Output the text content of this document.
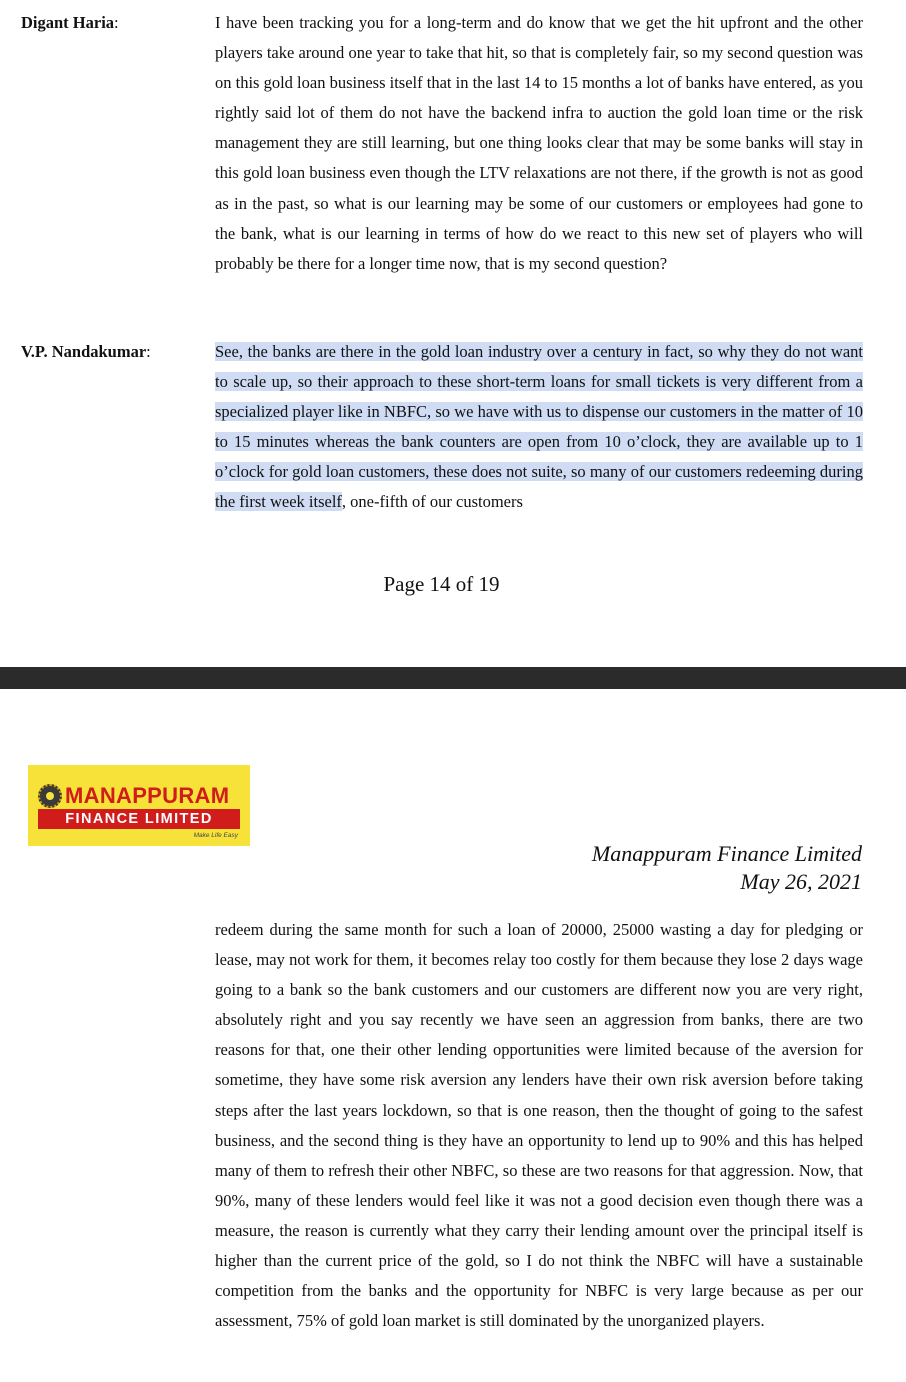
Digant Haria:	I have been tracking you for a long-term and do know that we get the hit upfront and the other players take around one year to take that hit, so that is completely fair, so my second question was on this gold loan business itself that in the last 14 to 15 months a lot of banks have entered, as you rightly said lot of them do not have the backend infra to auction the gold loan time or the risk management they are still learning, but one thing looks clear that may be some banks will stay in this gold loan business even though the LTV relaxations are not there, if the growth is not as good as in the past, so what is our learning may be some of our customers or employees had gone to the bank, what is our learning in terms of how do we react to this new set of players who will probably be there for a longer time now, that is my second question?

V.P. Nandakumar:	See, the banks are there in the gold loan industry over a century in fact, so why they do not want to scale up, so their approach to these short-term loans for small tickets is very different from a specialized player like in NBFC, so we have with us to dispense our customers in the matter of 10 to 15 minutes whereas the bank counters are open from 10 o’clock, they are available up to 1 o’clock for gold loan customers, these does not suite, so many of our customers redeeming during the first week itself, one-fifth of our customers

Page 14 of 19

MANAPPURAM
FINANCE LIMITED
Make Life Easy
Manappuram Finance Limited
May 26, 2021

redeem during the same month for such a loan of 20000, 25000 wasting a day for pledging or lease, may not work for them, it becomes relay too costly for them because they lose 2 days wage going to a bank so the bank customers and our customers are different now you are very right, absolutely right and you say recently we have seen an aggression from banks, there are two reasons for that, one their other lending opportunities were limited because of the aversion for sometime, they have some risk aversion any lenders have their own risk aversion before taking steps after the last years lockdown, so that is one reason, then the thought of going to the safest business, and the second thing is they have an opportunity to lend up to 90% and this has helped many of them to refresh their other NBFC, so these are two reasons for that aggression. Now, that 90%, many of these lenders would feel like it was not a good decision even though there was a measure, the reason is currently what they carry their lending amount over the principal itself is higher than the current price of the gold, so I do not think the NBFC will have a sustainable competition from the banks and the opportunity for NBFC is very large because as per our assessment, 75% of gold loan market is still dominated by the unorganized players.
